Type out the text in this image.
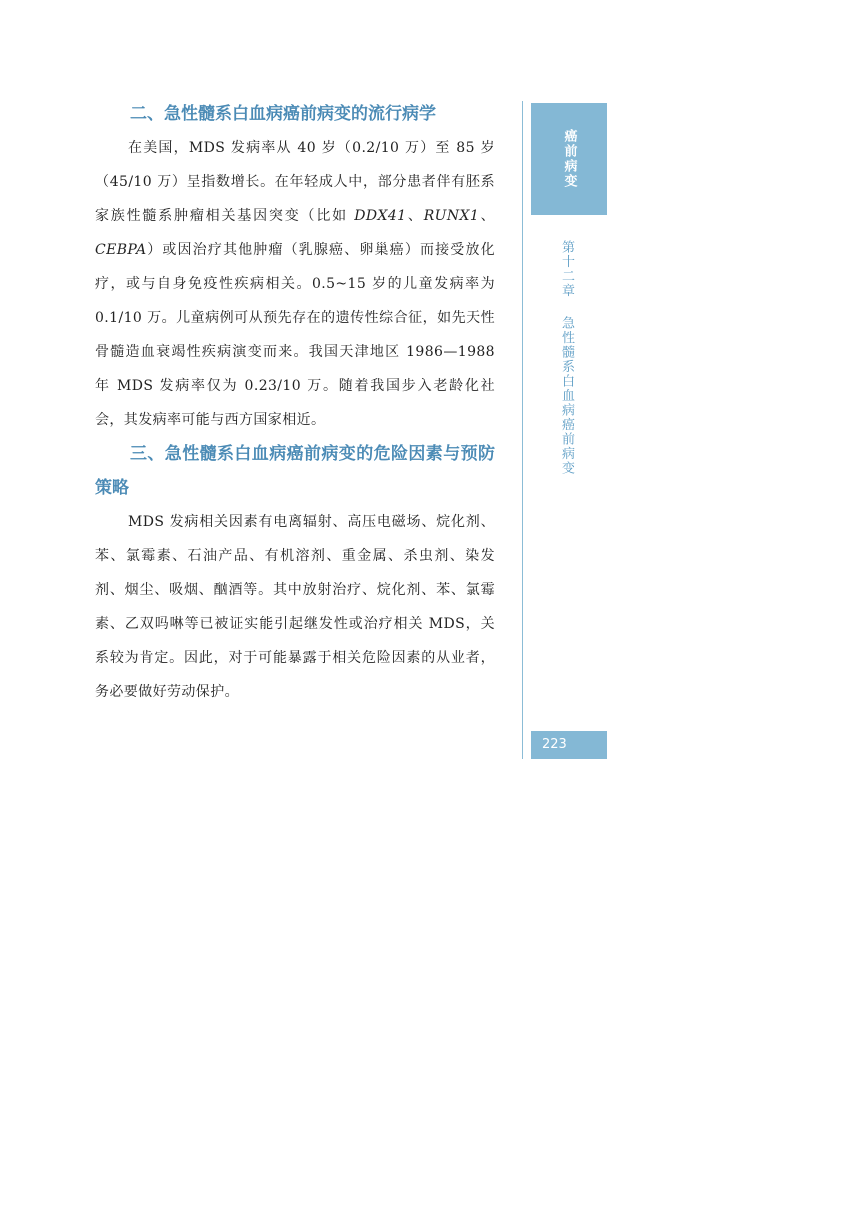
二、急性髓系白血病癌前病变的流行病学

在美国，MDS 发病率从 40 岁（0.2/10 万）至 85 岁（45/10 万）呈指数增长。在年轻成人中，部分患者伴有胚系家族性髓系肿瘤相关基因突变（比如 DDX41、RUNX1、CEBPA）或因治疗其他肿瘤（乳腺癌、卵巢癌）而接受放化疗，或与自身免疫性疾病相关。0.5~15 岁的儿童发病率为 0.1/10 万。儿童病例可从预先存在的遗传性综合征，如先天性骨髓造血衰竭性疾病演变而来。我国天津地区 1986—1988 年 MDS 发病率仅为 0.23/10 万。随着我国步入老龄化社会，其发病率可能与西方国家相近。

三、急性髓系白血病癌前病变的危险因素与预防策略

MDS 发病相关因素有电离辐射、高压电磁场、烷化剂、苯、氯霉素、石油产品、有机溶剂、重金属、杀虫剂、染发剂、烟尘、吸烟、酗酒等。其中放射治疗、烷化剂、苯、氯霉素、乙双吗啉等已被证实能引起继发性或治疗相关 MDS，关系较为肯定。因此，对于可能暴露于相关危险因素的从业者，务必要做好劳动保护。

癌前病变
第十二章急性髓系白血病癌前病变
223
